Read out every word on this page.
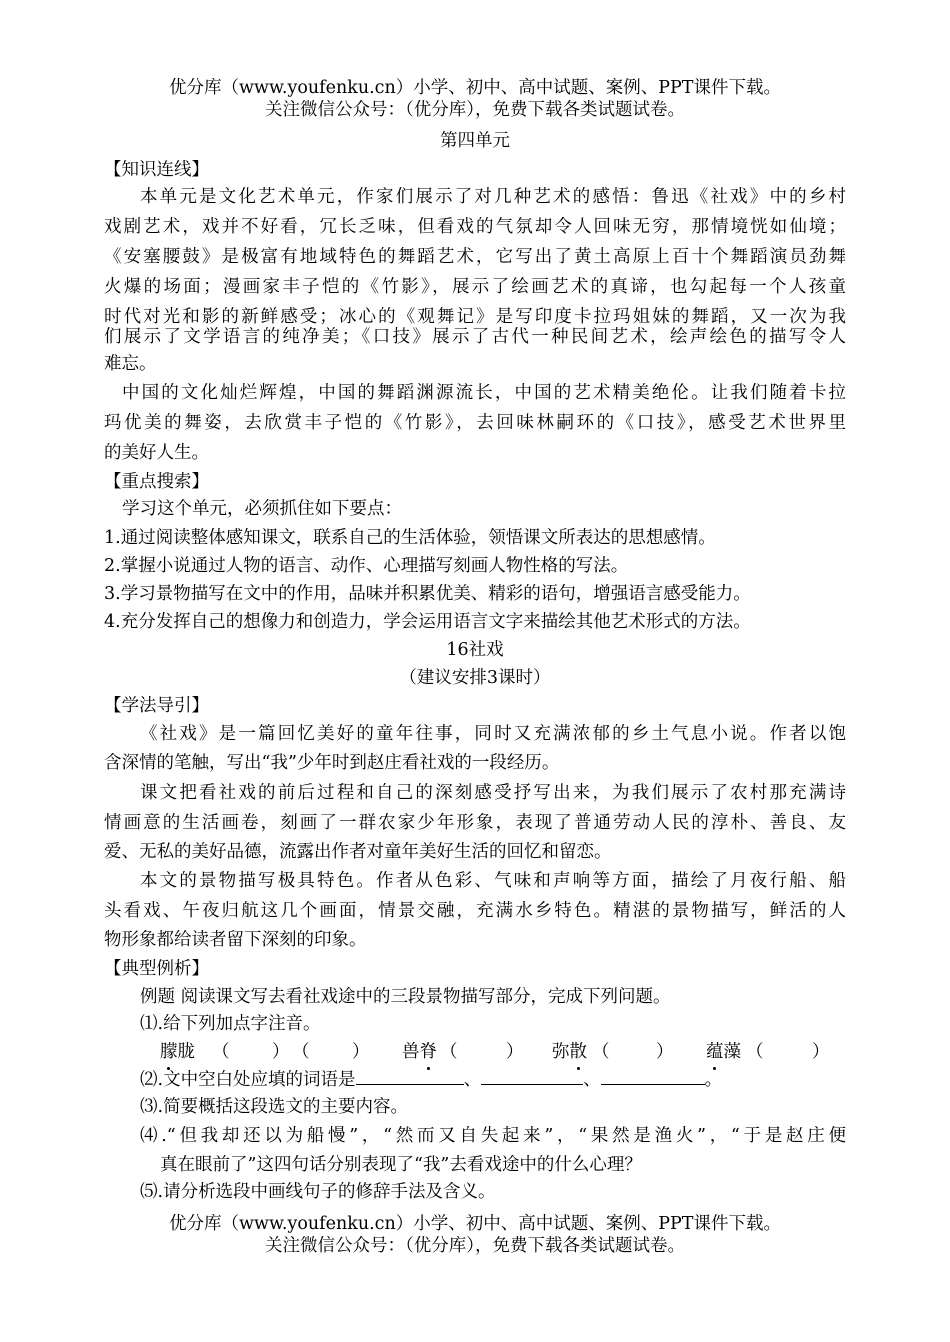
优分库（www.youfenku.cn）小学、初中、高中试题、案例、PPT课件下载。
关注微信公众号：（优分库），免费下载各类试题试卷。
第四单元
【知识连线】
本单元是文化艺术单元，作家们展示了对几种艺术的感悟：鲁迅《社戏》中的乡村
戏剧艺术，戏并不好看，冗长乏味，但看戏的气氛却令人回味无穷，那情境恍如仙境；
《安塞腰鼓》是极富有地域特色的舞蹈艺术，它写出了黄土高原上百十个舞蹈演员劲舞
火爆的场面；漫画家丰子恺的《竹影》，展示了绘画艺术的真谛，也勾起每一个人孩童
时代对光和影的新鲜感受；冰心的《观舞记》是写印度卡拉玛姐妹的舞蹈，又一次为我
们展示了文学语言的纯净美；《口技》展示了古代一种民间艺术，绘声绘色的描写令人
难忘。
中国的文化灿烂辉煌，中国的舞蹈渊源流长，中国的艺术精美绝伦。让我们随着卡拉
玛优美的舞姿，去欣赏丰子恺的《竹影》，去回味林嗣环的《口技》，感受艺术世界里
的美好人生。
【重点搜索】
学习这个单元，必须抓住如下要点：
1.通过阅读整体感知课文，联系自己的生活体验，领悟课文所表达的思想感情。
2.掌握小说通过人物的语言、动作、心理描写刻画人物性格的写法。
3.学习景物描写在文中的作用，品味并积累优美、精彩的语句，增强语言感受能力。
4.充分发挥自己的想像力和创造力，学会运用语言文字来描绘其他艺术形式的方法。
16社戏
（建议安排3课时）
【学法导引】
《社戏》是一篇回忆美好的童年往事，同时又充满浓郁的乡土气息小说。作者以饱
含深情的笔触，写出“我”少年时到赵庄看社戏的一段经历。
课文把看社戏的前后过程和自己的深刻感受抒写出来，为我们展示了农村那充满诗
情画意的生活画卷，刻画了一群农家少年形象，表现了普通劳动人民的淳朴、善良、友
爱、无私的美好品德，流露出作者对童年美好生活的回忆和留恋。
本文的景物描写极具特色。作者从色彩、气味和声响等方面，描绘了月夜行船、船
头看戏、午夜归航这几个画面，情景交融，充满水乡特色。精湛的景物描写，鲜活的人
物形象都给读者留下深刻的印象。
【典型例析】
例题 阅读课文写去看社戏途中的三段景物描写部分，完成下列问题。
⑴.给下列加点字注音。
朦胧 （ ） （ ） 兽脊 （	） 弥散 （	） 蕴藻 （	）
⑵.文中空白处应填的词语是	、	、	。
⑶.简要概括这段选文的主要内容。
⑷.“但我却还以为船慢”，“然而又自失起来”，“果然是渔火”，“于是赵庄便
真在眼前了”这四句话分别表现了“我”去看戏途中的什么心理？
⑸.请分析选段中画线句子的修辞手法及含义。
优分库（www.youfenku.cn）小学、初中、高中试题、案例、PPT课件下载。
关注微信公众号：（优分库），免费下载各类试题试卷。
